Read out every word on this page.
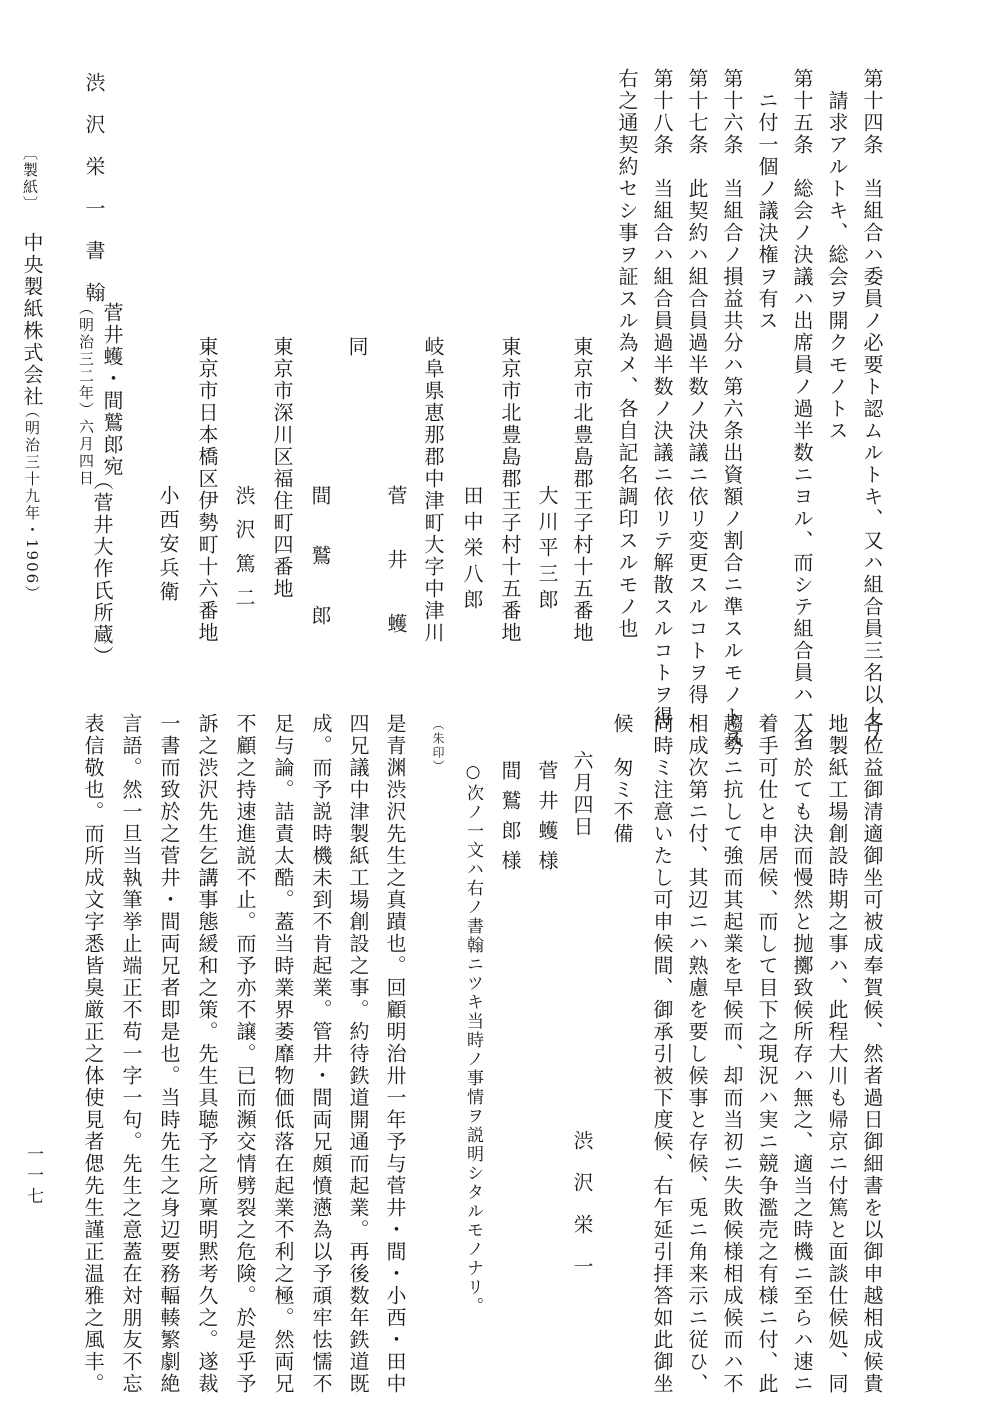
第十四条　当組合ハ委員ノ必要ト認ムルトキ、又ハ組合員三名以上ノ
　請求アルトキ、総会ヲ開クモノトス
第十五条　総会ノ決議ハ出席員ノ過半数ニヨル、而シテ組合員ハ一名
　ニ付一個ノ議決権ヲ有ス
第十六条　当組合ノ損益共分ハ第六条出資額ノ割合ニ準スルモノトス
第十七条　此契約ハ組合員過半数ノ決議ニ依リ変更スルコトヲ得
第十八条　当組合ハ組合員過半数ノ決議ニ依リテ解散スルコトヲ得
右之通契約セシ事ヲ証スル為メ、各自記名調印スルモノ也
東京市北豊島郡王子村十五番地
大川平三郎
東京市北豊島郡王子村十五番地
田中栄八郎
岐阜県恵那郡中津町大字中津川
菅井蠖
同
間鷲郎
東京市深川区福住町四番地
渋沢篤二
東京市日本橋区伊勢町十六番地
小西安兵衛
渋沢栄一書翰
菅井蠖・間鷲郎宛
（明治三二年）六月四日
（菅井大作氏所蔵）
〔製紙〕
中央製紙株式会社
（明治三十九年・1906）
各位益御清適御坐可被成奉賀候、然者過日御細書を以御申越相成候貴
地製紙工場創設時期之事ハ、此程大川も帰京ニ付篤と面談仕候処、同
人ニ於ても決而慢然と抛擲致候所存ハ無之、適当之時機ニ至らハ速ニ
着手可仕と申居候、而して目下之現況ハ実ニ競争濫売之有様ニ付、此
趨勢ニ抗して強而其起業を早候而、却而当初ニ失敗候様相成候而ハ不
相成次第ニ付、其辺ニハ熟慮を要し候事と存候、兎ニ角来示ニ従ひ、
尚時ミ注意いたし可申候間、御承引被下度候、右乍延引拝答如此御坐
候　匆ミ不備
六月四日
渋沢栄一
菅井蠖様
間鷲郎様
○次ノ一文ハ右ノ書翰ニツキ当時ノ事情ヲ説明シタルモノナリ。
（朱印）
是青渊渋沢先生之真蹟也。回顧明治卅一年予与菅井・間・小西・田中
四兄議中津製紙工場創設之事。約待鉄道開通而起業。再後数年鉄道既
成。而予説時機未到不肯起業。管井・間両兄頗憤懣為以予頑牢怯懦不
足与論。詰責太酷。蓋当時業界萎靡物価低落在起業不利之極。然両兄
不顧之持速進説不止。而予亦不譲。已而瀕交情劈裂之危険。於是乎予
訴之渋沢先生乞講事態緩和之策。先生具聴予之所稟明黙考久之。遂裁
一書而致於之菅井・間両兄者即是也。当時先生之身辺要務輻輳繁劇絶
言語。然一旦当執筆挙止端正不苟一字一句。先生之意蓋在対朋友不忘
表信敬也。而所成文字悉皆臭厳正之体使見者偲先生謹正温雅之風丰。
一一七
